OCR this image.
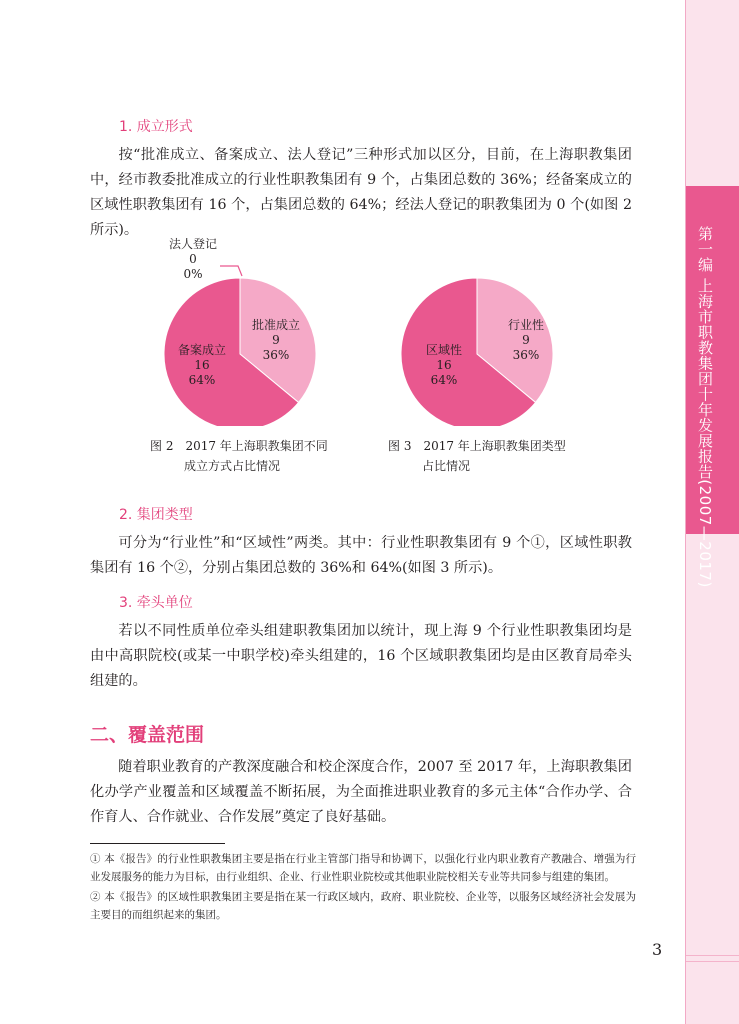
第一编 上海市职教集团十年发展报告(2007—2017)
1. 成立形式
按“批准成立、备案成立、法人登记”三种形式加以区分，目前，在上海职教集团中，经市教委批准成立的行业性职教集团有 9 个，占集团总数的 36%；经备案成立的区域性职教集团有 16 个，占集团总数的 64%；经法人登记的职教集团为 0 个(如图 2 所示)。
法人登记
0
0%
批准成立
9
36%
备案成立
16
64%
图 2　2017 年上海职教集团不同
成立方式占比情况
行业性
9
36%
区域性
16
64%
图 3　2017 年上海职教集团类型
占比情况
2. 集团类型
可分为“行业性”和“区域性”两类。其中：行业性职教集团有 9 个①，区域性职教集团有 16 个②，分别占集团总数的 36%和 64%(如图 3 所示)。
3. 牵头单位
若以不同性质单位牵头组建职教集团加以统计，现上海 9 个行业性职教集团均是由中高职院校(或某一中职学校)牵头组建的，16 个区域职教集团均是由区教育局牵头组建的。
二、覆盖范围
随着职业教育的产教深度融合和校企深度合作，2007 至 2017 年，上海职教集团化办学产业覆盖和区域覆盖不断拓展，为全面推进职业教育的多元主体“合作办学、合作育人、合作就业、合作发展”奠定了良好基础。
① 本《报告》的行业性职教集团主要是指在行业主管部门指导和协调下，以强化行业内职业教育产教融合、增强为行业发展服务的能力为目标，由行业组织、企业、行业性职业院校或其他职业院校相关专业等共同参与组建的集团。
② 本《报告》的区域性职教集团主要是指在某一行政区域内，政府、职业院校、企业等，以服务区域经济社会发展为主要目的而组织起来的集团。
3
